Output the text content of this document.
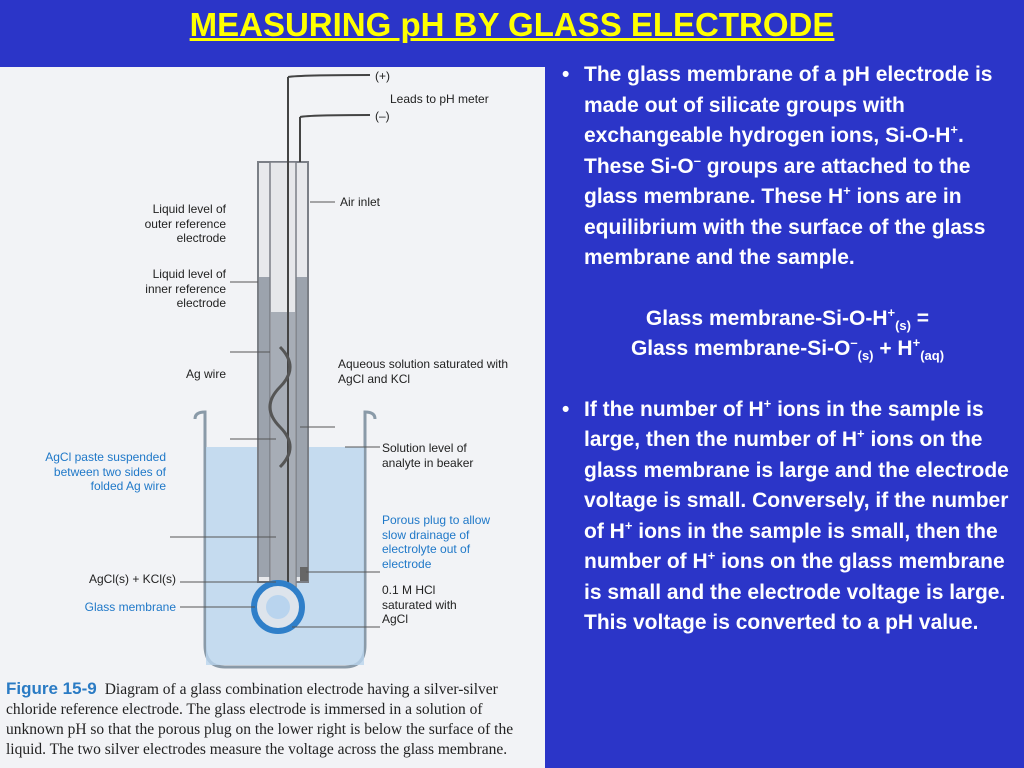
MEASURING pH BY GLASS ELECTRODE
(+)
(–)
Leads to pH meter
Air inlet
Liquid level of outer reference electrode
Liquid level of inner reference electrode
Aqueous solution saturated with AgCl and KCl
Ag wire
AgCl paste suspended between two sides of folded Ag wire
Solution level of analyte in beaker
Porous plug to allow slow drainage of electrolyte out of electrode
AgCl(s) + KCl(s)
Glass membrane
0.1 M HCl saturated with AgCl
Figure 15-9 Diagram of a glass combination electrode having a silver-silver chloride reference electrode. The glass electrode is immersed in a solution of unknown pH so that the porous plug on the lower right is below the surface of the liquid. The two silver electrodes measure the voltage across the glass membrane.
• The glass membrane of a pH electrode is made out of silicate groups with exchangeable hydrogen ions, Si-O-H+. These Si-O– groups are attached to the glass membrane. These H+ ions are in equilibrium with the surface of the glass membrane and the sample.
Glass membrane-$Si-O-H^+_{(s)}$ =
Glass membrane-$Si-O^-_{(s)} + H^+_{(aq)}$
• If the number of H+ ions in the sample is large, then the number of H+ ions on the glass membrane is large and the electrode voltage is small. Conversely, if the number of H+ ions in the sample is small, then the number of H+ ions on the glass membrane is small and the electrode voltage is large. This voltage is converted to a pH value.
